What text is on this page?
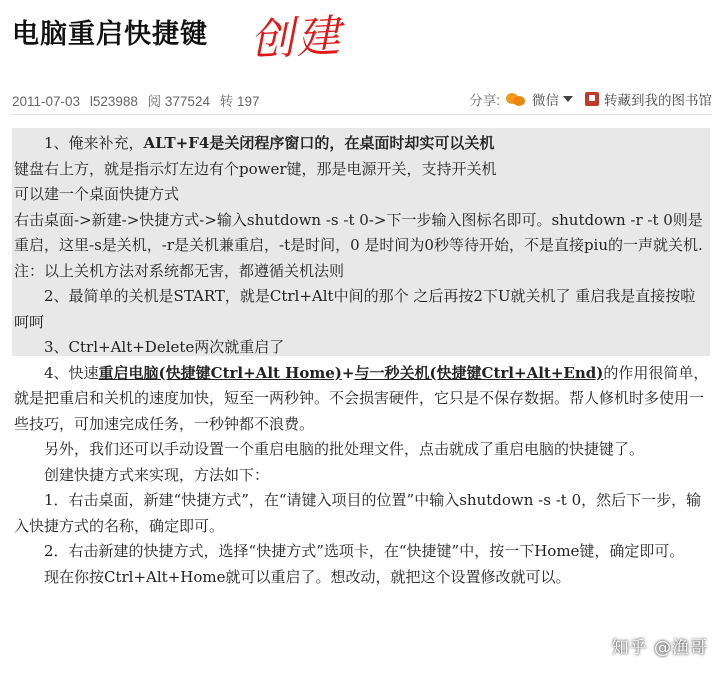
电脑重启快捷键 创建
2011-07-03 l523988 阅 377524 转 197	分享: 微信	转藏到我的图书馆

1、俺来补充，ALT+F4是关闭程序窗口的，在桌面时却实可以关机

键盘右上方，就是指示灯左边有个power键，那是电源开关，支持开关机

可以建一个桌面快捷方式

右击桌面->新建->快捷方式->输入shutdown -s -t 0->下一步输入图标名即可。shutdown -r -t 0则是重启，这里-s是关机，-r是关机兼重启，-t是时间，0 是时间为0秒等待开始，不是直接piu的一声就关机.

注：以上关机方法对系统都无害，都遵循关机法则

2、最简单的关机是START，就是Ctrl+Alt中间的那个 之后再按2下U就关机了 重启我是直接按啦 呵呵

3、Ctrl+Alt+Delete两次就重启了

4、快速重启电脑(快捷键Ctrl+Alt Home)+与一秒关机(快捷键Ctrl+Alt+End)的作用很简单，就是把重启和关机的速度加快，短至一两秒钟。不会损害硬件，它只是不保存数据。帮人修机时多使用一些技巧，可加速完成任务，一秒钟都不浪费。

另外，我们还可以手动设置一个重启电脑的批处理文件，点击就成了重启电脑的快捷键了。

创建快捷方式来实现，方法如下：

1．右击桌面，新建“快捷方式”，在“请键入项目的位置”中输入shutdown -s -t 0，然后下一步，输入快捷方式的名称，确定即可。

2．右击新建的快捷方式，选择“快捷方式”选项卡，在“快捷键”中，按一下Home键，确定即可。

现在你按Ctrl+Alt+Home就可以重启了。想改动，就把这个设置修改就可以。

知乎 @渔哥
